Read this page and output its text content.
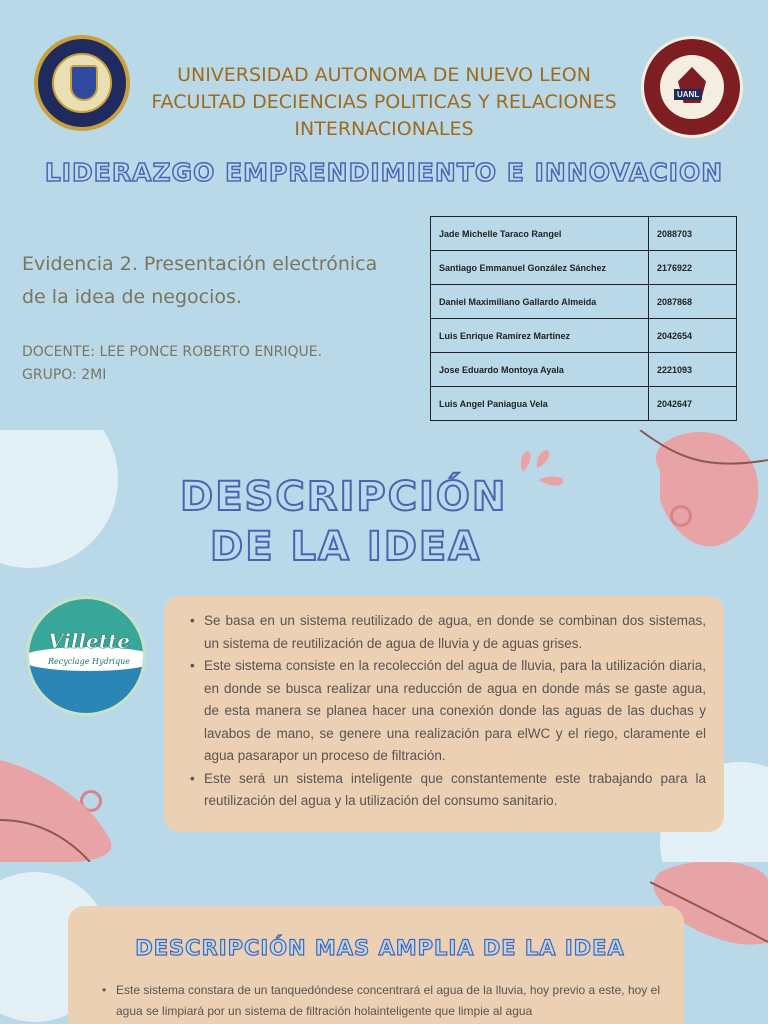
UANL
UNIVERSIDAD AUTONOMA DE NUEVO LEON
FACULTAD DECIENCIAS POLITICAS Y RELACIONES
INTERNACIONALES
LIDERAZGO EMPRENDIMIENTO E INNOVACION
Evidencia 2. Presentación electrónica
de la idea de negocios.
DOCENTE: LEE PONCE ROBERTO ENRIQUE.
GRUPO: 2MI
Jade Michelle Taraco Rangel	2088703
Santiago Emmanuel González Sánchez	2176922
Daniel Maximiliano Gallardo Almeida	2087868
Luis Enrique Ramírez Martínez	2042654
Jose Eduardo Montoya Ayala	2221093
Luis Angel Paniagua Vela	2042647
DESCRIPCIÓN
DE LA IDEA
Villette
Recyclage Hydrique
• Se basa en un sistema reutilizado de agua, en donde se combinan dos sistemas, un sistema de reutilización de agua de lluvia y de aguas grises.
• Este sistema consiste en la recolección del agua de lluvia, para la utilización diaria, en donde se busca realizar una reducción de agua en donde más se gaste agua, de esta manera se planea hacer una conexión donde las aguas de las duchas y lavabos de mano, se genere una realización para elWC y el riego, claramente el agua pasarapor un proceso de filtración.
• Este será un sistema inteligente que constantemente este trabajando para la reutilización del agua y la utilización del consumo sanitario.
DESCRIPCIÓN MAS AMPLIA DE LA IDEA
• Este sistema constara de un tanquedóndese concentrará el agua de la lluvia, hoy previo a este, hoy el agua se limpiará por un sistema de filtración holainteligente que limpie al agua
